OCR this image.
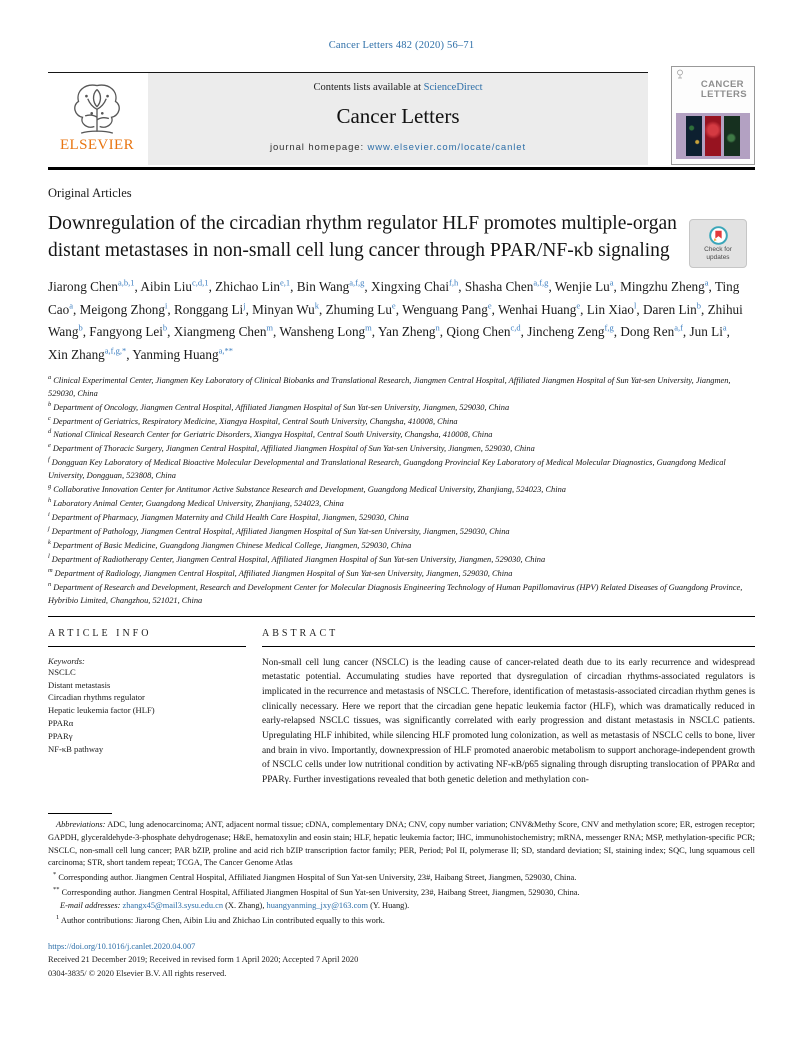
Cancer Letters 482 (2020) 56–71
ELSEVIER
Contents lists available at ScienceDirect
Cancer Letters
journal homepage: www.elsevier.com/locate/canlet
CANCER
LETTERS
Original Articles
Downregulation of the circadian rhythm regulator HLF promotes multiple-organ distant metastases in non-small cell lung cancer through PPAR/NF-κb signaling
Jiarong Chen$^{a,b,1}$, Aibin Liu$^{c,d,1}$, Zhichao Lin$^{e,1}$, Bin Wang$^{a,f,g}$, Xingxing Chai$^{f,h}$, Shasha Chen$^{a,f,g}$, Wenjie Lu$^a$, Mingzhu Zheng$^a$, Ting Cao$^a$, Meigong Zhong$^i$, Ronggang Li$^j$, Minyan Wu$^k$, Zhuming Lu$^e$, Wenguang Pang$^e$, Wenhai Huang$^e$, Lin Xiao$^l$, Daren Lin$^b$, Zhihui Wang$^b$, Fangyong Lei$^b$, Xiangmeng Chen$^m$, Wansheng Long$^m$, Yan Zheng$^n$, Qiong Chen$^{c,d}$, Jincheng Zeng$^{f,g}$, Dong Ren$^{a,f}$, Jun Li$^a$, Xin Zhang$^{a,f,g,*}$, Yanming Huang$^{a,**}$
$^a$ Clinical Experimental Center, Jiangmen Key Laboratory of Clinical Biobanks and Translational Research, Jiangmen Central Hospital, Affiliated Jiangmen Hospital of Sun Yat-sen University, Jiangmen, 529030, China
$^b$ Department of Oncology, Jiangmen Central Hospital, Affiliated Jiangmen Hospital of Sun Yat-sen University, Jiangmen, 529030, China
$^c$ Department of Geriatrics, Respiratory Medicine, Xiangya Hospital, Central South University, Changsha, 410008, China
$^d$ National Clinical Research Center for Geriatric Disorders, Xiangya Hospital, Central South University, Changsha, 410008, China
$^e$ Department of Thoracic Surgery, Jiangmen Central Hospital, Affiliated Jiangmen Hospital of Sun Yat-sen University, Jiangmen, 529030, China
$^f$ Dongguan Key Laboratory of Medical Bioactive Molecular Developmental and Translational Research, Guangdong Provincial Key Laboratory of Medical Molecular Diagnostics, Guangdong Medical University, Dongguan, 523808, China
$^g$ Collaborative Innovation Center for Antitumor Active Substance Research and Development, Guangdong Medical University, Zhanjiang, 524023, China
$^h$ Laboratory Animal Center, Guangdong Medical University, Zhanjiang, 524023, China
$^i$ Department of Pharmacy, Jiangmen Maternity and Child Health Care Hospital, Jiangmen, 529030, China
$^j$ Department of Pathology, Jiangmen Central Hospital, Affiliated Jiangmen Hospital of Sun Yat-sen University, Jiangmen, 529030, China
$^k$ Department of Basic Medicine, Guangdong Jiangmen Chinese Medical College, Jiangmen, 529030, China
$^l$ Department of Radiotherapy Center, Jiangmen Central Hospital, Affiliated Jiangmen Hospital of Sun Yat-sen University, Jiangmen, 529030, China
$^m$ Department of Radiology, Jiangmen Central Hospital, Affiliated Jiangmen Hospital of Sun Yat-sen University, Jiangmen, 529030, China
$^n$ Department of Research and Development, Research and Development Center for Molecular Diagnosis Engineering Technology of Human Papillomavirus (HPV) Related Diseases of Guangdong Province, Hybribio Limited, Changzhou, 521021, China
ARTICLE INFO
Keywords:
NSCLC
Distant metastasis
Circadian rhythms regulator
Hepatic leukemia factor (HLF)
PPARα
PPARγ
NF-κB pathway
ABSTRACT

Non-small cell lung cancer (NSCLC) is the leading cause of cancer-related death due to its early recurrence and widespread metastatic potential. Accumulating studies have reported that dysregulation of circadian rhythms-associated regulators is implicated in the recurrence and metastasis of NSCLC. Therefore, identification of metastasis-associated circadian rhythm genes is clinically necessary. Here we report that the circadian gene hepatic leukemia factor (HLF), which was dramatically reduced in early-relapsed NSCLC tissues, was significantly correlated with early progression and distant metastasis in NSCLC patients. Upregulating HLF inhibited, while silencing HLF promoted lung colonization, as well as metastasis of NSCLC cells to bone, liver and brain in vivo. Importantly, downexpression of HLF promoted anaerobic metabolism to support anchorage-independent growth of NSCLC cells under low nutritional condition by activating NF-κB/p65 signaling through disrupting translocation of PPARα and PPARγ. Further investigations revealed that both genetic deletion and methylation con-

Abbreviations: ADC, lung adenocarcinoma; ANT, adjacent normal tissue; cDNA, complementary DNA; CNV, copy number variation; CNV&Methy Score, CNV and methylation score; ER, estrogen receptor; GAPDH, glyceraldehyde-3-phosphate dehydrogenase; H&E, hematoxylin and eosin stain; HLF, hepatic leukemia factor; IHC, immunohistochemistry; mRNA, messenger RNA; MSP, methylation-specific PCR; NSCLC, non-small cell lung cancer; PAR bZIP, proline and acid rich bZIP transcription factor family; PER, Period; Pol II, polymerase II; SD, standard deviation; SI, staining index; SQC, lung squamous cell carcinoma; STR, short tandem repeat; TCGA, The Cancer Genome Atlas

* Corresponding author. Jiangmen Central Hospital, Affiliated Jiangmen Hospital of Sun Yat-sen University, 23#, Haibang Street, Jiangmen, 529030, China.

** Corresponding author. Jiangmen Central Hospital, Affiliated Jiangmen Hospital of Sun Yat-sen University, 23#, Haibang Street, Jiangmen, 529030, China.

E-mail addresses: zhangx45@mail3.sysu.edu.cn (X. Zhang), huangyanming_jxy@163.com (Y. Huang).

$^1$ Author contributions: Jiarong Chen, Aibin Liu and Zhichao Lin contributed equally to this work.

https://doi.org/10.1016/j.canlet.2020.04.007
Received 21 December 2019; Received in revised form 1 April 2020; Accepted 7 April 2020
0304-3835/ © 2020 Elsevier B.V. All rights reserved.
Check for updates
